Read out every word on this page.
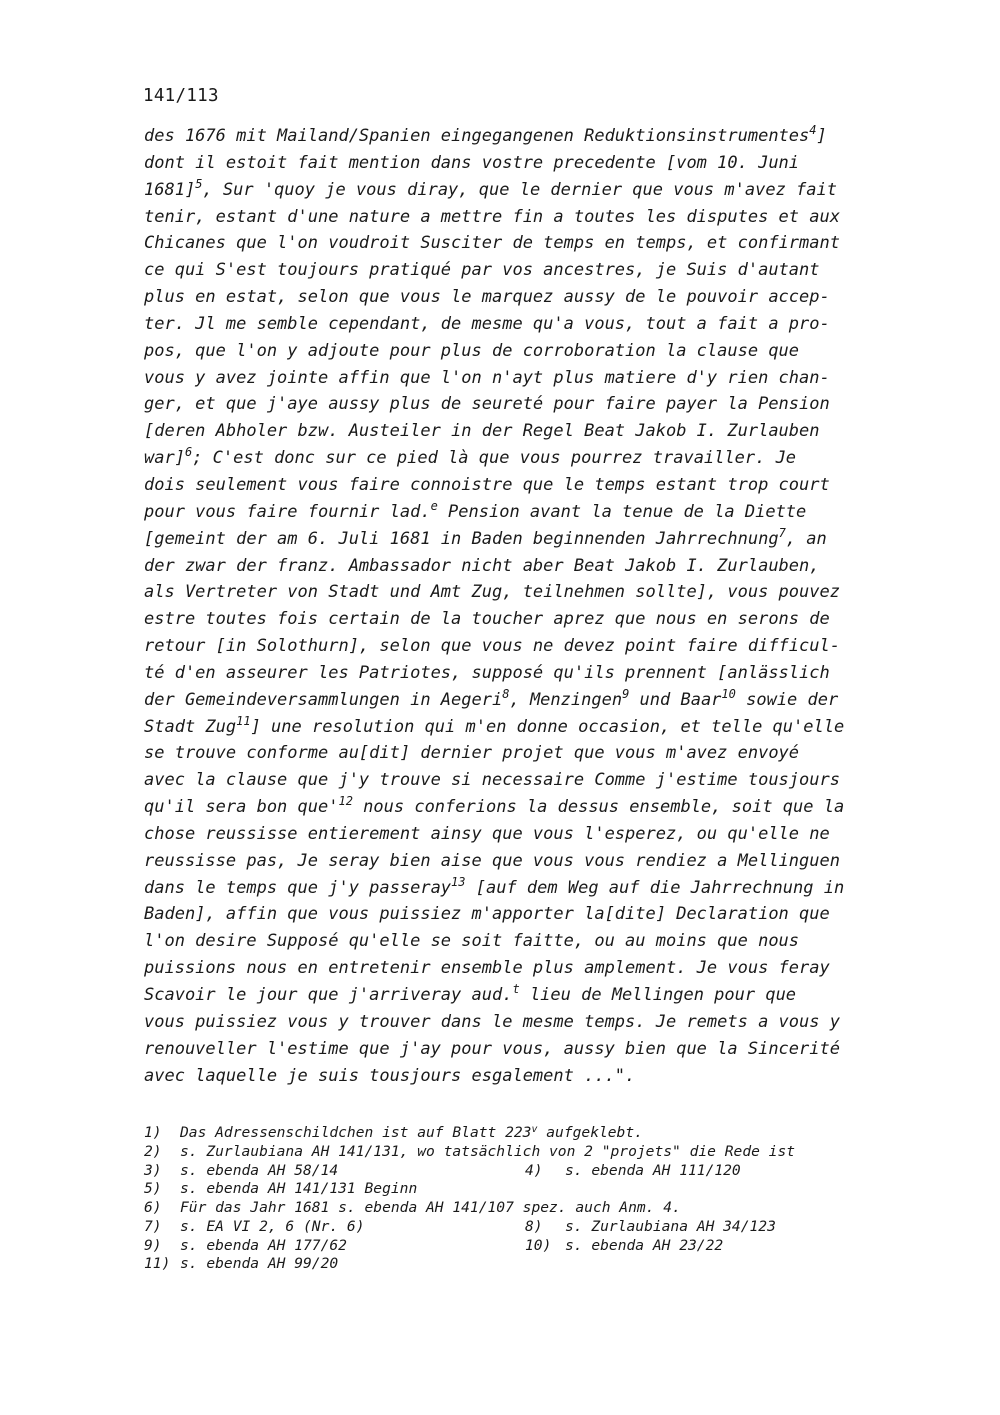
141/113
des 1676 mit Mailand/Spanien eingegangenen Reduktionsinstrumentes$^4$]
dont il estoit fait mention dans vostre precedente [vom 10. Juni
1681]$^5$, Sur 'quoy je vous diray, que le dernier que vous m'avez fait
tenir, estant d'une nature a mettre fin a toutes les disputes et aux
Chicanes que l'on voudroit Susciter de temps en temps, et confirmant
ce qui S'est toujours pratiqué par vos ancestres, je Suis d'autant
plus en estat, selon que vous le marquez aussy de le pouvoir accep-
ter. Jl me semble cependant, de mesme qu'a vous, tout a fait a pro-
pos, que l'on y adjoute pour plus de corroboration la clause que
vous y avez jointe affin que l'on n'ayt plus matiere d'y rien chan-
ger, et que j'aye aussy plus de seureté pour faire payer la Pension
[deren Abholer bzw. Austeiler in der Regel Beat Jakob I. Zurlauben
war]$^6$; C'est donc sur ce pied là que vous pourrez travailler. Je
dois seulement vous faire connoistre que le temps estant trop court
pour vous faire fournir lad.$^e$ Pension avant la tenue de la Diette
[gemeint der am 6. Juli 1681 in Baden beginnenden Jahrrechnung$^7$, an
der zwar der franz. Ambassador nicht aber Beat Jakob I. Zurlauben,
als Vertreter von Stadt und Amt Zug, teilnehmen sollte], vous pouvez
estre toutes fois certain de la toucher aprez que nous en serons de
retour [in Solothurn], selon que vous ne devez point faire difficul-
té d'en asseurer les Patriotes, supposé qu'ils prennent [anlässlich
der Gemeindeversammlungen in Aegeri$^8$, Menzingen$^9$ und Baar$^{10}$ sowie der
Stadt Zug$^{11}$] une resolution qui m'en donne occasion, et telle qu'elle
se trouve conforme au[dit] dernier projet que vous m'avez envoyé
avec la clause que j'y trouve si necessaire Comme j'estime tousjours
qu'il sera bon $que'^{12}$ nous conferions la dessus ensemble, soit que la
chose reussisse entierement ainsy que vous l'esperez, ou qu'elle ne
reussisse pas, Je seray bien aise que vous vous rendiez a Mellinguen
dans le temps que j'y passeray$^{13}$ [auf dem Weg auf die Jahrrechnung in
Baden], affin que vous puissiez m'apporter la[dite] Declaration que
l'on desire Supposé qu'elle se soit faitte, ou au moins que nous
puissions nous en entretenir ensemble plus amplement. Je vous feray
Scavoir le jour que j'arriveray aud.$^t$ lieu de Mellingen pour que
vous puissiez vous y trouver dans le mesme temps. Je remets a vous y
renouveller l'estime que j'ay pour vous, aussy bien que la Sincerité
avec laquelle je suis tousjours esgalement ...".
1) Das Adressenschildchen ist auf Blatt 223$^v$ aufgeklebt.
2) s. Zurlaubiana AH 141/131, wo tatsächlich von 2 "projets" die Rede ist
3) s. ebenda AH 58/14	4) s. ebenda AH 111/120
5) s. ebenda AH 141/131 Beginn
6) Für das Jahr 1681 s. ebenda AH 141/107 spez. auch Anm. 4.
7) s. EA VI 2, 6 (Nr. 6)	8) s. Zurlaubiana AH 34/123
9) s. ebenda AH 177/62	10) s. ebenda AH 23/22
11) s. ebenda AH 99/20
